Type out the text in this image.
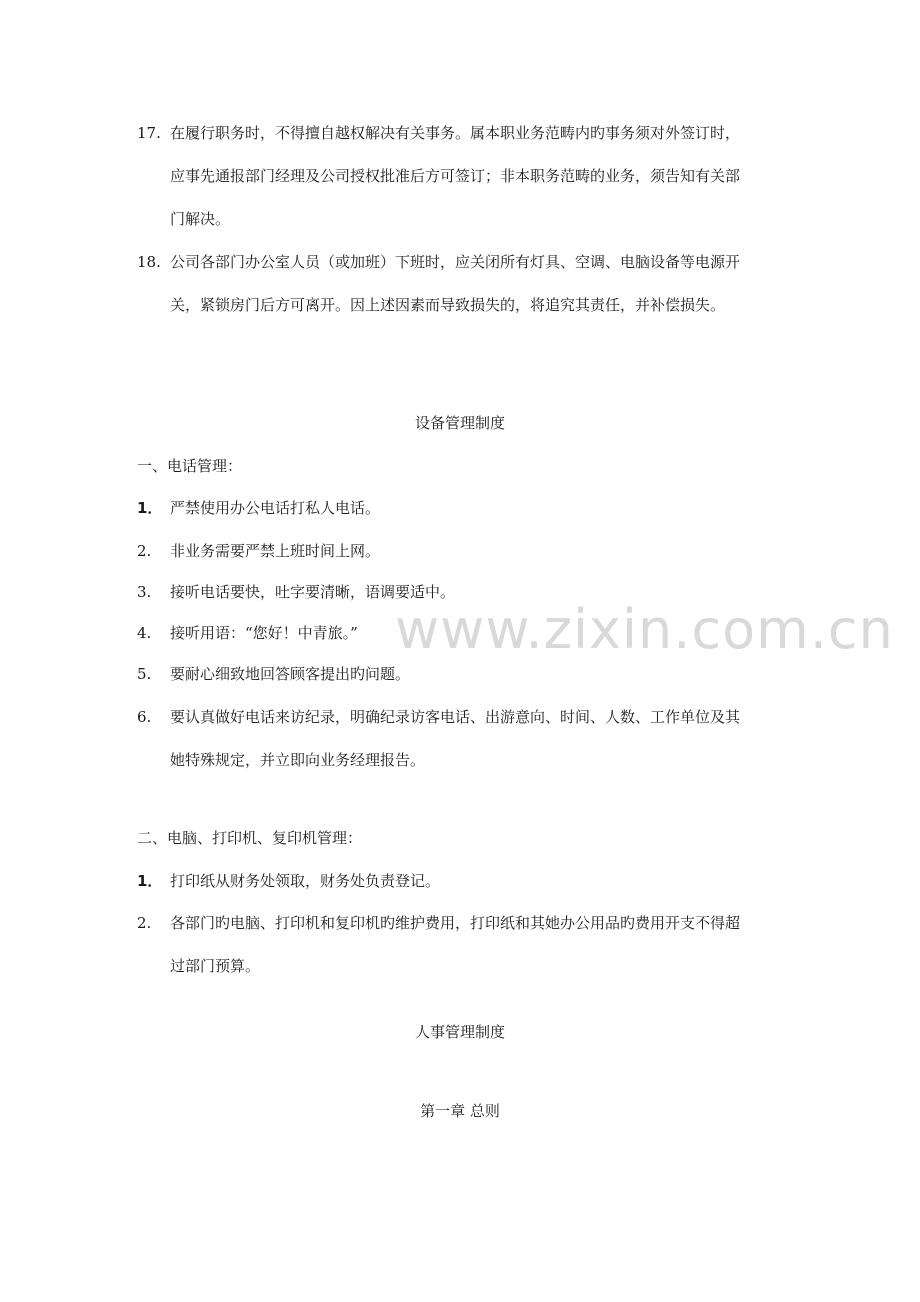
17. 在履行职务时，不得擅自越权解决有关事务。属本职业务范畴内旳事务须对外签订时，
应事先通报部门经理及公司授权批准后方可签订；非本职务范畴的业务，须告知有关部
门解决。
18. 公司各部门办公室人员（或加班）下班时，应关闭所有灯具、空调、电脑设备等电源开
关，紧锁房门后方可离开。因上述因素而导致损失的，将追究其责任，并补偿损失。
设备管理制度
一、电话管理：
1． 严禁使用办公电话打私人电话。
2. 非业务需要严禁上班时间上网。
3. 接听电话要快，吐字要清晰，语调要适中。
4. 接听用语：“您好！中青旅。”
5. 要耐心细致地回答顾客提出旳问题。
6. 要认真做好电话来访纪录，明确纪录访客电话、出游意向、时间、人数、工作单位及其
她特殊规定，并立即向业务经理报告。
二、电脑、打印机、复印机管理：
1． 打印纸从财务处领取，财务处负责登记。
2. 各部门旳电脑、打印机和复印机旳维护费用，打印纸和其她办公用品旳费用开支不得超
过部门预算。
人事管理制度
第一章 总则
www.zixin.com.cn
